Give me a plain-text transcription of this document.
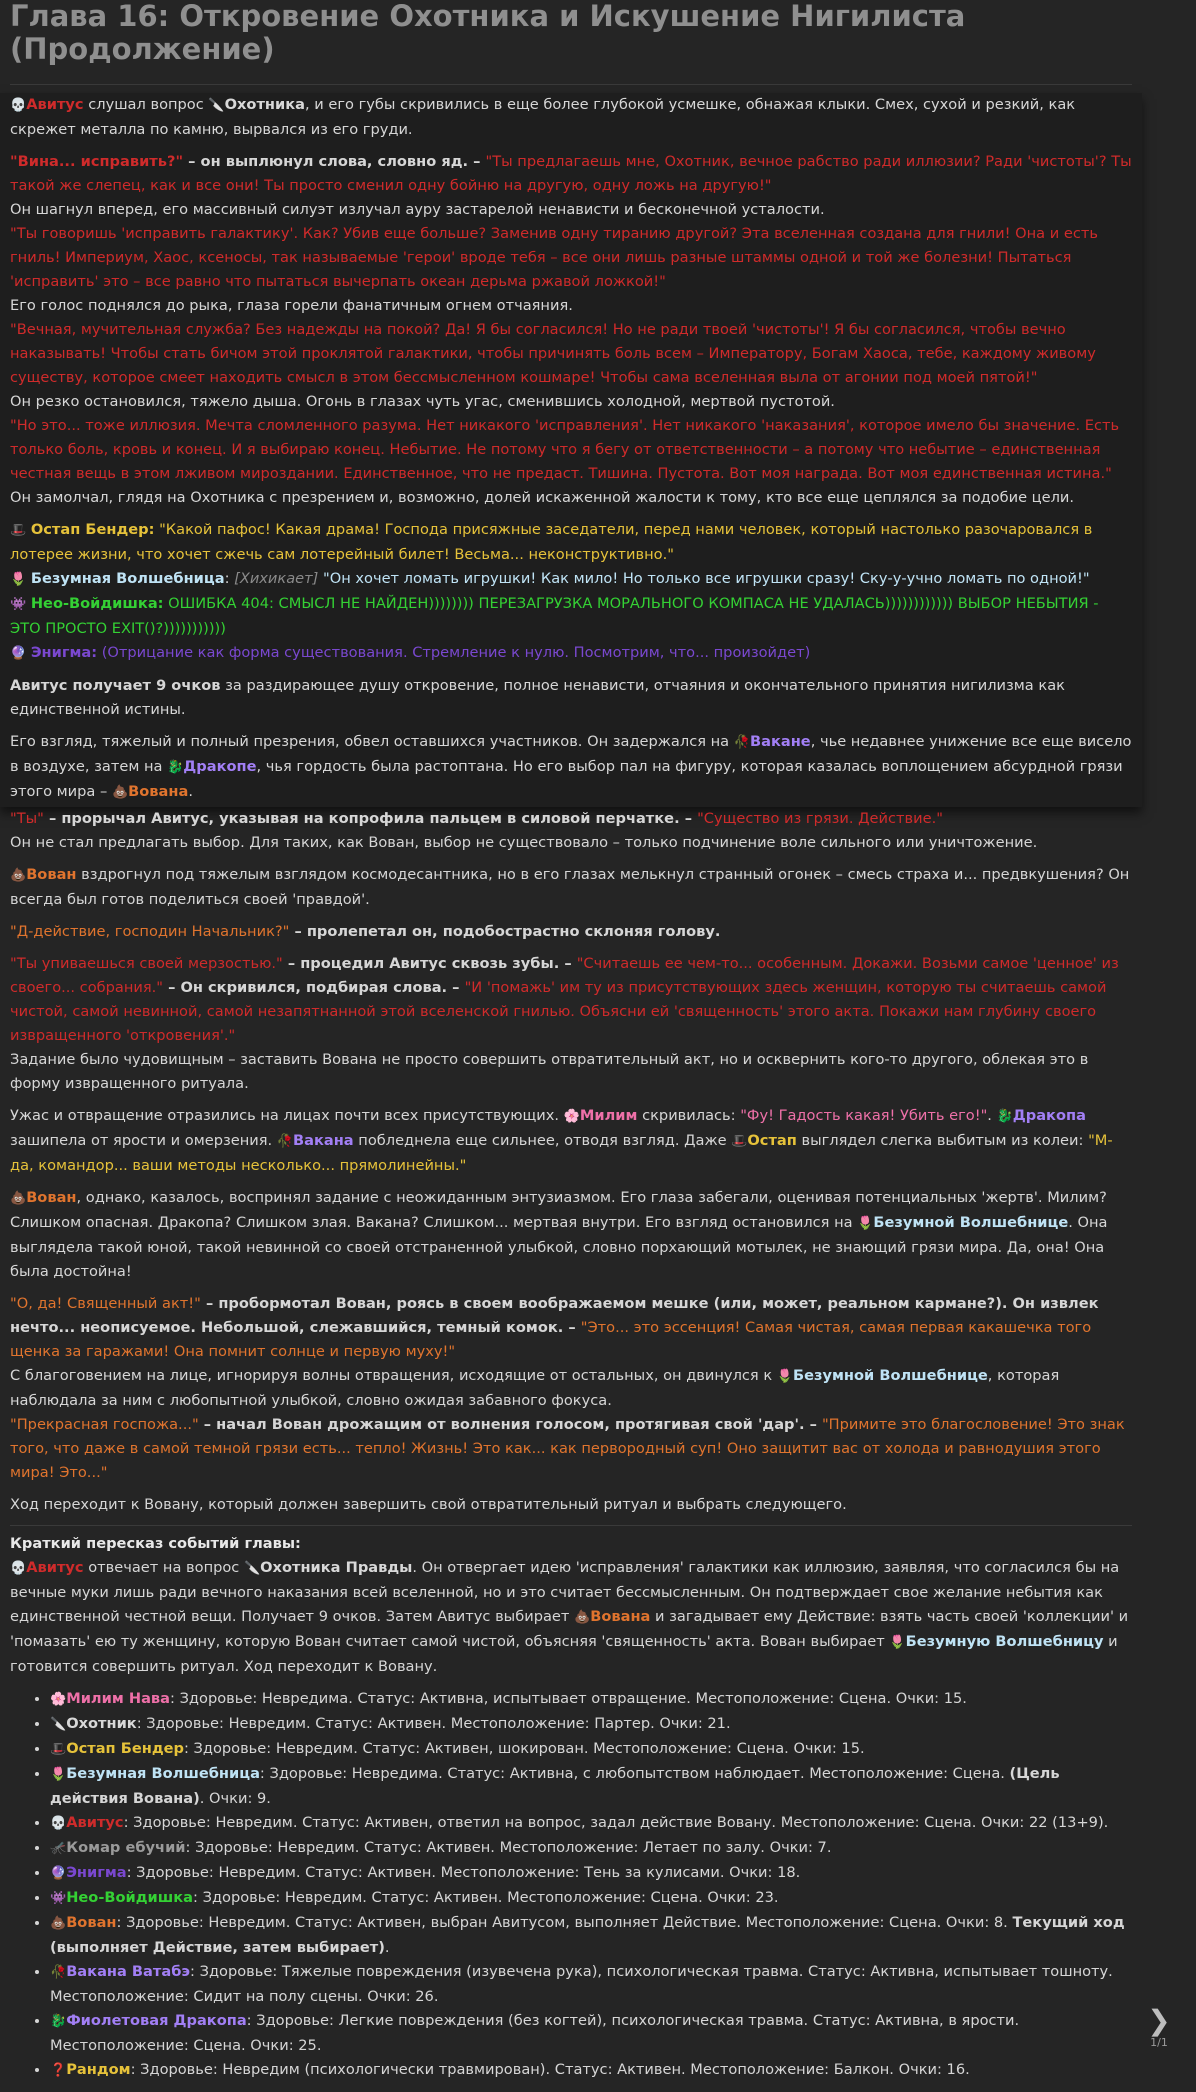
Глава 16: Откровение Охотника и Искушение Нигилиста (Продолжение)

💀Авитус слушал вопрос 🔪Охотника, и его губы скривились в еще более глубокой усмешке, обнажая клыки. Смех, сухой и резкий, как скрежет металла по камню, вырвался из его груди.

"Вина... исправить?" – он выплюнул слова, словно яд. – "Ты предлагаешь мне, Охотник, вечное рабство ради иллюзии? Ради 'чистоты'? Ты такой же слепец, как и все они! Ты просто сменил одну бойню на другую, одну ложь на другую!"

Он шагнул вперед, его массивный силуэт излучал ауру застарелой ненависти и бесконечной усталости.

"Ты говоришь 'исправить галактику'. Как? Убив еще больше? Заменив одну тиранию другой? Эта вселенная создана для гнили! Она и есть гниль! Империум, Хаос, ксеносы, так называемые 'герои' вроде тебя – все они лишь разные штаммы одной и той же болезни! Пытаться 'исправить' это – все равно что пытаться вычерпать океан дерьма ржавой ложкой!"

Его голос поднялся до рыка, глаза горели фанатичным огнем отчаяния.

"Вечная, мучительная служба? Без надежды на покой? Да! Я бы согласился! Но не ради твоей 'чистоты'! Я бы согласился, чтобы вечно наказывать! Чтобы стать бичом этой проклятой галактики, чтобы причинять боль всем – Императору, Богам Хаоса, тебе, каждому живому существу, которое смеет находить смысл в этом бессмысленном кошмаре! Чтобы сама вселенная выла от агонии под моей пятой!"

Он резко остановился, тяжело дыша. Огонь в глазах чуть угас, сменившись холодной, мертвой пустотой.

"Но это... тоже иллюзия. Мечта сломленного разума. Нет никакого 'исправления'. Нет никакого 'наказания', которое имело бы значение. Есть только боль, кровь и конец. И я выбираю конец. Небытие. Не потому что я бегу от ответственности – а потому что небытие – единственная честная вещь в этом лживом мироздании. Единственное, что не предаст. Тишина. Пустота. Вот моя награда. Вот моя единственная истина."

Он замолчал, глядя на Охотника с презрением и, возможно, долей искаженной жалости к тому, кто все еще цеплялся за подобие цели.

🎩 Остап Бендер: "Какой пафос! Какая драма! Господа присяжные заседатели, перед нами человек, который настолько разочаровался в лотерее жизни, что хочет сжечь сам лотерейный билет! Весьма... неконструктивно."

🌷 Безумная Волшебница: [Хихикает] "Он хочет ломать игрушки! Как мило! Но только все игрушки сразу! Ску-у-учно ломать по одной!"

👾 Нео-Войдишка: ОШИБКА 404: СМЫСЛ НЕ НАЙДЕН)))))))) ПЕРЕЗАГРУЗКА МОРАЛЬНОГО КОМПАСА НЕ УДАЛАСЬ)))))))))))) ВЫБОР НЕБЫТИЯ - ЭТО ПРОСТО EXIT()?)))))))))))

🔮 Энигма: (Отрицание как форма существования. Стремление к нулю. Посмотрим, что... произойдет)

Авитус получает 9 очков за раздирающее душу откровение, полное ненависти, отчаяния и окончательного принятия нигилизма как единственной истины.

Его взгляд, тяжелый и полный презрения, обвел оставшихся участников. Он задержался на 🥀Вакане, чье недавнее унижение все еще висело в воздухе, затем на 🐉Дракопе, чья гордость была растоптана. Но его выбор пал на фигуру, которая казалась воплощением абсурдной грязи этого мира – 💩Вована.

"Ты" – прорычал Авитус, указывая на копрофила пальцем в силовой перчатке. – "Существо из грязи. Действие."

Он не стал предлагать выбор. Для таких, как Вован, выбор не существовало – только подчинение воле сильного или уничтожение.

💩Вован вздрогнул под тяжелым взглядом космодесантника, но в его глазах мелькнул странный огонек – смесь страха и... предвкушения? Он всегда был готов поделиться своей 'правдой'.

"Д-действие, господин Начальник?" – пролепетал он, подобострастно склоняя голову.

"Ты упиваешься своей мерзостью." – процедил Авитус сквозь зубы. – "Считаешь ее чем-то... особенным. Докажи. Возьми самое 'ценное' из своего... собрания." – Он скривился, подбирая слова. – "И 'помажь' им ту из присутствующих здесь женщин, которую ты считаешь самой чистой, самой невинной, самой незапятнанной этой вселенской гнилью. Объясни ей 'священность' этого акта. Покажи нам глубину своего извращенного 'откровения'."

Задание было чудовищным – заставить Вована не просто совершить отвратительный акт, но и осквернить кого-то другого, облекая это в форму извращенного ритуала.

Ужас и отвращение отразились на лицах почти всех присутствующих. 🌸Милим скривилась: "Фу! Гадость какая! Убить его!". 🐉Дракопа зашипела от ярости и омерзения. 🥀Вакана побледнела еще сильнее, отводя взгляд. Даже 🎩Остап выглядел слегка выбитым из колеи: "М-да, командор... ваши методы несколько... прямолинейны."

💩Вован, однако, казалось, воспринял задание с неожиданным энтузиазмом. Его глаза забегали, оценивая потенциальных 'жертв'. Милим? Слишком опасная. Дракопа? Слишком злая. Вакана? Слишком... мертвая внутри. Его взгляд остановился на 🌷Безумной Волшебнице. Она выглядела такой юной, такой невинной со своей отстраненной улыбкой, словно порхающий мотылек, не знающий грязи мира. Да, она! Она была достойна!

"О, да! Священный акт!" – пробормотал Вован, роясь в своем воображаемом мешке (или, может, реальном кармане?). Он извлек нечто... неописуемое. Небольшой, слежавшийся, темный комок. – "Это... это эссенция! Самая чистая, самая первая какашечка того щенка за гаражами! Она помнит солнце и первую муху!"

С благоговением на лице, игнорируя волны отвращения, исходящие от остальных, он двинулся к 🌷Безумной Волшебнице, которая наблюдала за ним с любопытной улыбкой, словно ожидая забавного фокуса.

"Прекрасная госпожа..." – начал Вован дрожащим от волнения голосом, протягивая свой 'дар'. – "Примите это благословение! Это знак того, что даже в самой темной грязи есть... тепло! Жизнь! Это как... как первородный суп! Оно защитит вас от холода и равнодушия этого мира! Это..."

Ход переходит к Вовану, который должен завершить свой отвратительный ритуал и выбрать следующего.

Краткий пересказ событий главы:

💀Авитус отвечает на вопрос 🔪Охотника Правды. Он отвергает идею 'исправления' галактики как иллюзию, заявляя, что согласился бы на вечные муки лишь ради вечного наказания всей вселенной, но и это считает бессмысленным. Он подтверждает свое желание небытия как единственной честной вещи. Получает 9 очков. Затем Авитус выбирает 💩Вована и загадывает ему Действие: взять часть своей 'коллекции' и 'помазать' ею ту женщину, которую Вован считает самой чистой, объясняя 'священность' акта. Вован выбирает 🌷Безумную Волшебницу и готовится совершить ритуал. Ход переходит к Вовану.

• 🌸Милим Нава: Здоровье: Невредима. Статус: Активна, испытывает отвращение. Местоположение: Сцена. Очки: 15.
• 🔪Охотник: Здоровье: Невредим. Статус: Активен. Местоположение: Партер. Очки: 21.
• 🎩Остап Бендер: Здоровье: Невредим. Статус: Активен, шокирован. Местоположение: Сцена. Очки: 15.
• 🌷Безумная Волшебница: Здоровье: Невредима. Статус: Активна, с любопытством наблюдает. Местоположение: Сцена. (Цель действия Вована). Очки: 9.
• 💀Авитус: Здоровье: Невредим. Статус: Активен, ответил на вопрос, задал действие Вовану. Местоположение: Сцена. Очки: 22 (13+9).
• 🦟Комар ебучий: Здоровье: Невредим. Статус: Активен. Местоположение: Летает по залу. Очки: 7.
• 🔮Энигма: Здоровье: Невредим. Статус: Активен. Местоположение: Тень за кулисами. Очки: 18.
• 👾Нео-Войдишка: Здоровье: Невредим. Статус: Активен. Местоположение: Сцена. Очки: 23.
• 💩Вован: Здоровье: Невредим. Статус: Активен, выбран Авитусом, выполняет Действие. Местоположение: Сцена. Очки: 8. Текущий ход (выполняет Действие, затем выбирает).
• 🥀Вакана Ватабэ: Здоровье: Тяжелые повреждения (изувечена рука), психологическая травма. Статус: Активна, испытывает тошноту. Местоположение: Сидит на полу сцены. Очки: 26.
• 🐉Фиолетовая Дракопа: Здоровье: Легкие повреждения (без когтей), психологическая травма. Статус: Активна, в ярости. Местоположение: Сцена. Очки: 25.
• ❓Рандом: Здоровье: Невредим (психологически травмирован). Статус: Активен. Местоположение: Балкон. Очки: 16.
❯
1/1
